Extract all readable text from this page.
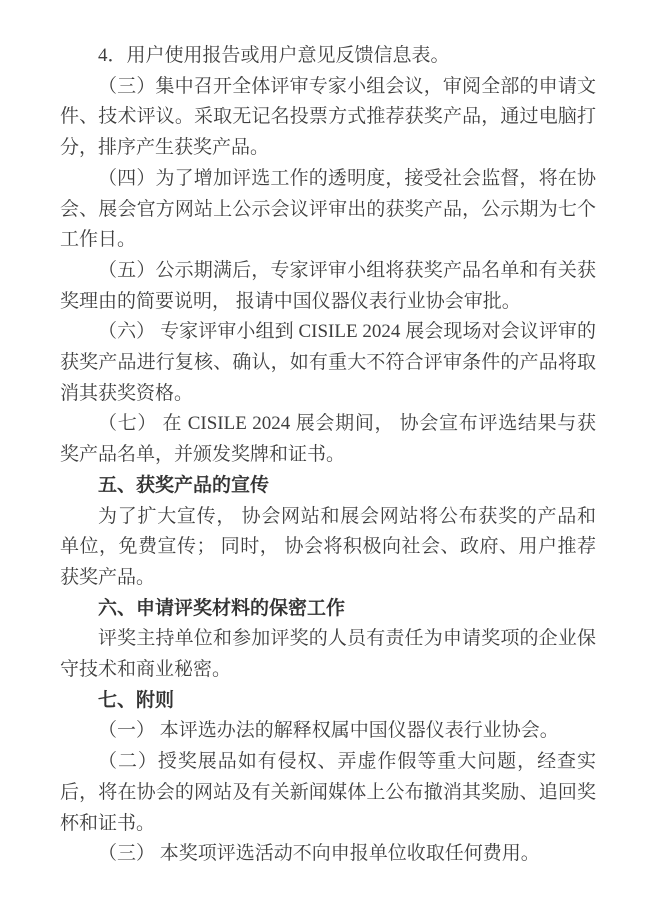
4．用户使用报告或用户意见反馈信息表。

（三）集中召开全体评审专家小组会议，审阅全部的申请文件、技术评议。采取无记名投票方式推荐获奖产品，通过电脑打分，排序产生获奖产品。

（四）为了增加评选工作的透明度，接受社会监督，将在协会、展会官方网站上公示会议评审出的获奖产品，公示期为七个工作日。

（五）公示期满后，专家评审小组将获奖产品名单和有关获奖理由的简要说明， 报请中国仪器仪表行业协会审批。

（六） 专家评审小组到 CISILE 2024 展会现场对会议评审的获奖产品进行复核、确认，如有重大不符合评审条件的产品将取消其获奖资格。

（七） 在 CISILE 2024 展会期间， 协会宣布评选结果与获奖产品名单，并颁发奖牌和证书。

五、获奖产品的宣传

为了扩大宣传， 协会网站和展会网站将公布获奖的产品和单位，免费宣传； 同时， 协会将积极向社会、政府、用户推荐获奖产品。

六、申请评奖材料的保密工作

评奖主持单位和参加评奖的人员有责任为申请奖项的企业保守技术和商业秘密。

七、附则

（一） 本评选办法的解释权属中国仪器仪表行业协会。

（二）授奖展品如有侵权、弄虚作假等重大问题，经查实后，将在协会的网站及有关新闻媒体上公布撤消其奖励、追回奖杯和证书。

（三） 本奖项评选活动不向申报单位收取任何费用。
